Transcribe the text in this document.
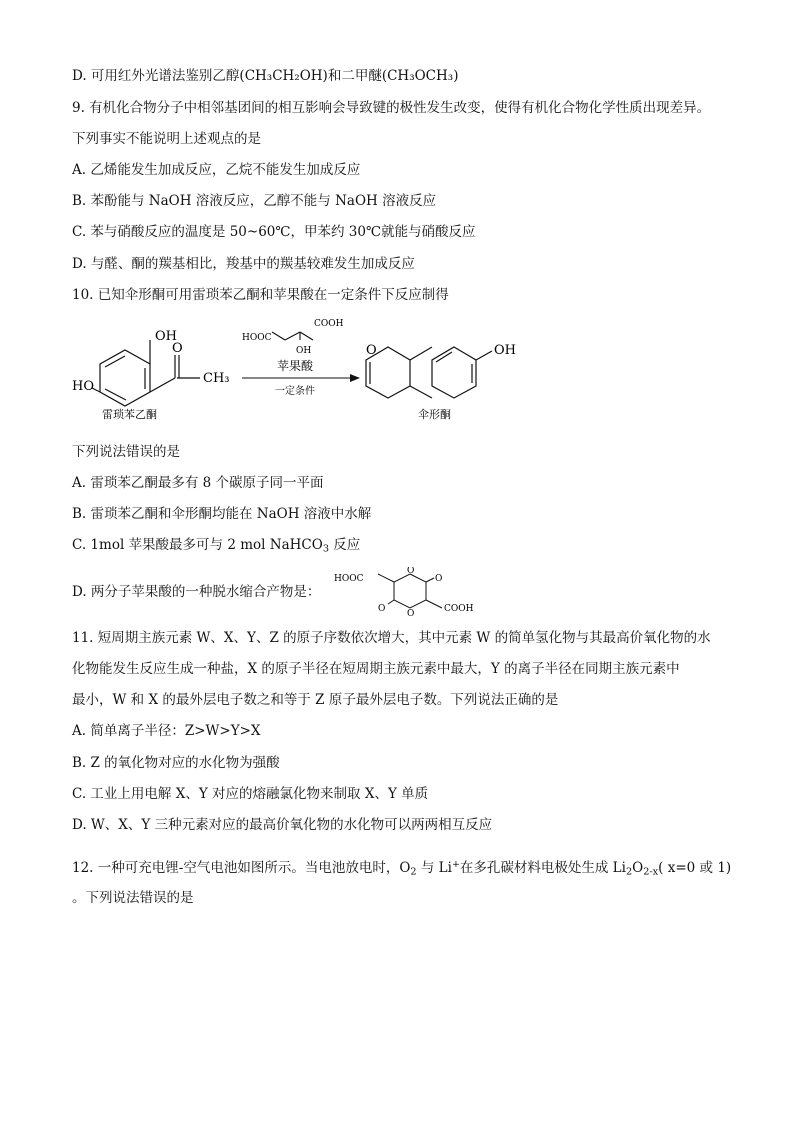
D. 可用红外光谱法鉴别乙醇(CH₃CH₂OH)和二甲醚(CH₃OCH₃)
9. 有机化合物分子中相邻基团间的相互影响会导致键的极性发生改变，使得有机化合物化学性质出现差异。
下列事实不能说明上述观点的是
A. 乙烯能发生加成反应，乙烷不能发生加成反应
B. 苯酚能与 NaOH 溶液反应，乙醇不能与 NaOH 溶液反应
C. 苯与硝酸反应的温度是 50~60℃，甲苯约 30℃就能与硝酸反应
D. 与醛、酮的羰基相比，羧基中的羰基较难发生加成反应
10. 已知伞形酮可用雷琐苯乙酮和苹果酸在一定条件下反应制得
OH
HO
O
CH₃
雷琐苯乙酮
HOOC
COOH
OH
苹果酸
一定条件
O	OH
伞形酮
下列说法错误的是
A. 雷琐苯乙酮最多有 8 个碳原子同一平面
B. 雷琐苯乙酮和伞形酮均能在 NaOH 溶液中水解
C. 1mol 苹果酸最多可与 2 mol NaHCO$_3$ 反应
D. 两分子苹果酸的一种脱水缩合产物是：
HOOC
O
O
O O	COOH
11. 短周期主族元素 W、X、Y、Z 的原子序数依次增大，其中元素 W 的简单氢化物与其最高价氧化物的水
化物能发生反应生成一种盐，X 的原子半径在短周期主族元素中最大，Y 的离子半径在同期主族元素中
最小，W 和 X 的最外层电子数之和等于 Z 原子最外层电子数。下列说法正确的是
A. 简单离子半径：Z>W>Y>X
B. Z 的氧化物对应的水化物为强酸
C. 工业上用电解 X、Y 对应的熔融氯化物来制取 X、Y 单质
D. W、X、Y 三种元素对应的最高价氧化物的水化物可以两两相互反应
12. 一种可充电锂-空气电池如图所示。当电池放电时，$O_2$ 与 Li+在多孔碳材料电极处生成 $Li_2O_{2-x}$( x=0 或 1)
。下列说法错误的是
